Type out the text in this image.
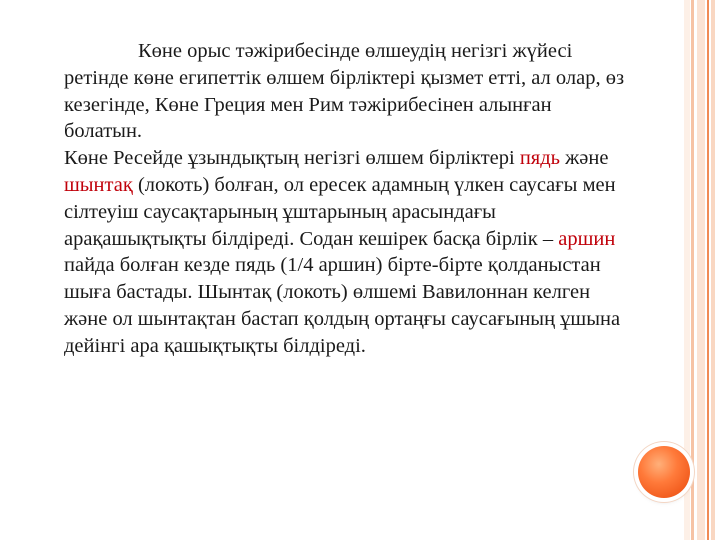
Көне орыс тәжірибесінде өлшеудің негізгі жүйесі ретінде көне египеттік өлшем бірліктері қызмет етті, ал олар, өз кезегінде, Көне Греция мен Рим тәжірибесінен алынған болатын.

Көне Ресейде ұзындықтың негізгі өлшем бірліктері пядь және шынтақ (локоть) болған, ол ересек адамның үлкен саусағы мен сілтеуіш саусақтарының ұштарының арасындағы арақашықтықты білдіреді. Содан кешірек басқа бірлік – аршин пайда болған кезде пядь (1/4 аршин) бірте-бірте қолданыстан шыға бастады. Шынтақ (локоть) өлшемі Вавилоннан келген және ол шынтақтан бастап қолдың ортаңғы саусағының ұшына дейінгі ара қашықтықты білдіреді.
